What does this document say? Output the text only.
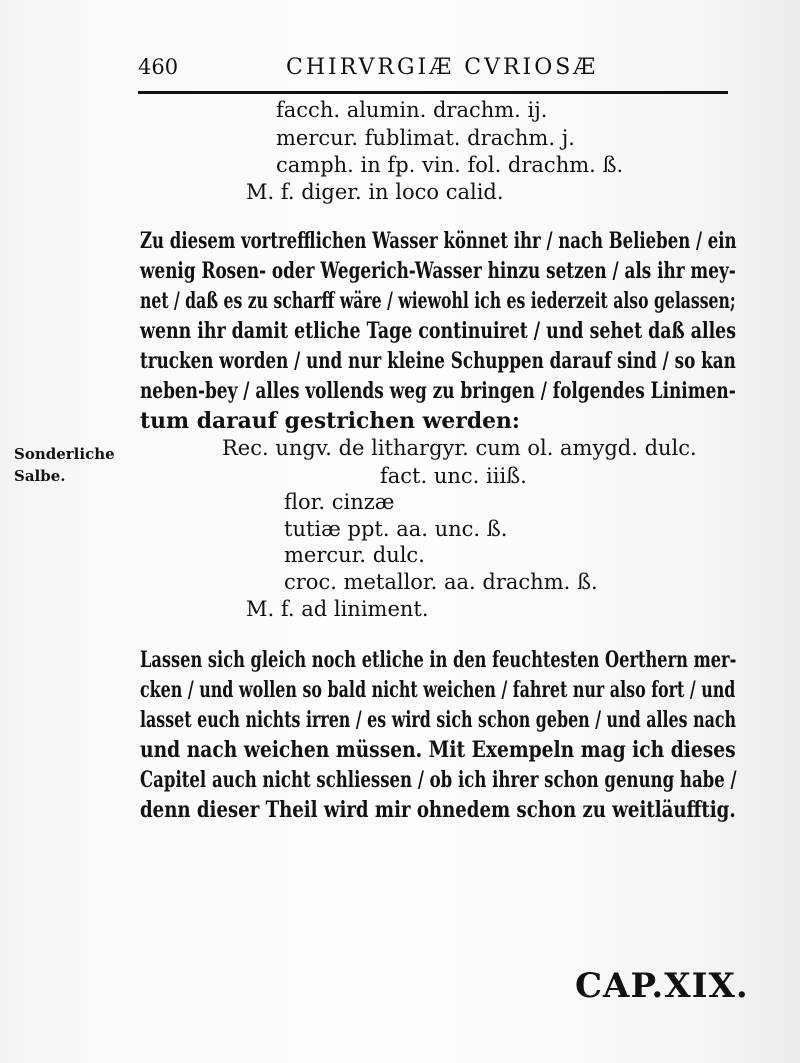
460	CHIRVRGIÆ CVRIOSÆ
facch. alumin. drachm. ij.
mercur. fublimat. drachm. j.
camph. in fp. vin. fol. drachm. ß.
M. f. diger. in loco calid.
Zu diesem vortrefflichen Wasser könnet ihr / nach Belieben / ein
wenig Rosen- oder Wegerich-Wasser hinzu setzen / als ihr mey-
net / daß es zu scharff wäre / wiewohl ich es iederzeit also gelassen;
wenn ihr damit etliche Tage continuiret / und sehet daß alles
trucken worden / und nur kleine Schuppen darauf sind / so kan
neben-bey / alles vollends weg zu bringen / folgendes Linimen-
tum darauf gestrichen werden:
Sonderliche
Salbe.
Rec. ungv. de lithargyr. cum ol. amygd. dulc.
fact. unc. iiiß.
flor. cinzæ
tutiæ ppt. aa. unc. ß.
mercur. dulc.
croc. metallor. aa. drachm. ß.
M. f. ad liniment.
Lassen sich gleich noch etliche in den feuchtesten Oerthern mer-
cken / und wollen so bald nicht weichen / fahret nur also fort / und
lasset euch nichts irren / es wird sich schon geben / und alles nach
und nach weichen müssen. Mit Exempeln mag ich dieses
Capitel auch nicht schliessen / ob ich ihrer schon genung habe /
denn dieser Theil wird mir ohnedem schon zu weitläufftig.
CAP.XIX.
